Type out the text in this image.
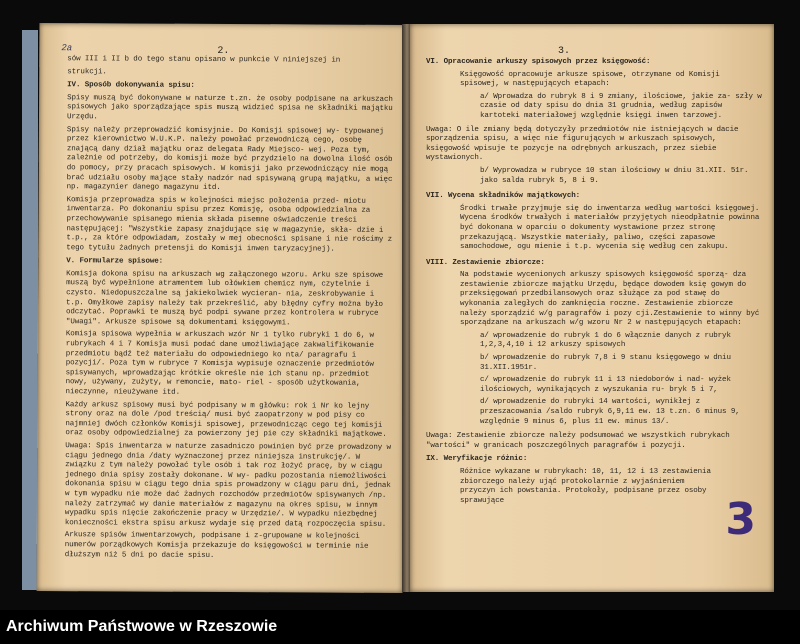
2a	2.

sów III i II b do tego stanu opisano w punkcie V niniejszej in

strukcji.

IV. Sposób dokonywania spisu:

Spisy muszą być dokonywane w naturze t.zn. że osoby podpisane na arkuszach spisowych jako sporządzające spis muszą widzieć spisa ne składniki majątku Urzędu.
Spisy należy przeprowadzić komisyjnie. Do Komisji spisowej wy- typowanej przez kierownictwo W.U.K.P. należy powołać przewodniczą cego, osobę znającą dany dział majątku oraz delegata Rady Miejsco- wej. Poza tym, zależnie od potrzeby, do komisji może być przydzielo na dowolna ilość osób do pomocy, przy pracach spisowych. W komisji jako przewodniczący nie mogą brać udziału osoby mające stały nadzór nad spisywaną grupą majątku, a więc np. magazynier danego magazynu itd.
Komisja przeprowadza spis w kolejności miejsc położenia przed- miotu inwentarza. Po dokonaniu spisu przez Komisję, osoba odpowiedzialna za przechowywanie spisanego mienia składa pisemne oświadczenie treści następującej: "Wszystkie zapasy znajdujące się w magazynie, skła- dzie i t.p., za które odpowiadam, zostały w mej obecności spisane i nie rościmy z tego tytułu żadnych pretensji do Komisji inwen taryzacyjnej).

V. Formularze spisowe:

Komisja dokona spisu na arkuszach wg załączonego wzoru. Arku sze spisowe muszą być wypełnione atramentem lub ołówkiem chemicz nym, czytelnie i czysto. Niedopuszczalne są jakiekolwiek wycieran- nia, zeskrobywanie i t.p. Omyłkowe zapisy należy tak przekreślić, aby błędny cyfry można było odczytać. Poprawki te muszą być podpi sywane przez kontrolera w rubryce "Uwagi". Arkusze spisowe są dokumentami księgowymi.
Komisja spisowa wypełnia w arkuszach wzór Nr 1 tylko rubryki 1 do 6, w rubrykach 4 i 7 Komisja musi podać dane umożliwiające zakwalifikowanie przedmiotu bądź też materiału do odpowiedniego ko nta/ paragrafu i pozycji/. Poza tym w rubryce 7 Komisja wypisuje oznaczenie przedmiotów spisywanych, wprowadzając krótkie określe nie ich stanu np. przedmiot nowy, używany, zużyty, w remoncie, mato- riel - sposób użytkowania, nieczynne, nieużywane itd.
Każdy arkusz spisowy musi być podpisany w m główku: rok i Nr ko lejny strony oraz na dole /pod treścią/ musi być zaopatrzony w pod pisy co najmniej dwóch członków Komisji spisowej, przewodnicząc cego tej komisji oraz osoby odpowiedzialnej za powierzony jej pie czy składniki majątkowe.
Uwaga: Spis inwentarza w naturze zasadniczo powinien być prze prowadzony w ciągu jednego dnia /daty wyznaczonej przez niniejsza instrukcję/. W związku z tym należy powołać tyle osób i tak roz łożyć pracę, by w ciągu jednego dnia spisy zostały dokonane. W wy- padku pozostania niemożliwości dokonania spisu w ciągu tego dnia spis prowadzony w ciągu paru dni, jednak w tym wypadku nie może dać żadnych rozchodów przedmiotów spisywanych /np. należy zatrzymać wy danie materiałów z magazynu na okres spisu, w innym wypadku spis nięcie zakończenie pracy w Urzędzie/. W wypadku niezbędnej konieczności ekstra spisu arkusz wydaje się przed datą rozpoczęcia spisu.
Arkusze spisów inwentarzowych, podpisane i z-grupowane w kolejności numerów porządkowych Komisja przekazuje do księgowości w terminie nie dłuższym niż 5 dni po dacie spisu.
3.

VI. Opracowanie arkuszy spisowych przez księgowość:

Księgowość opracowuje arkusze spisowe, otrzymane od Komisji spisowej, w następujących etapach:
a/ Wprowadza do rubryk 8 i 9 zmiany, ilościowe, jakie za- szły w czasie od daty spisu do dnia 31 grudnia, według zapisów kartoteki materiałowej względnie księgi inwen tarzowej.

Uwaga: O ile zmiany będą dotyczyły przedmiotów nie istniejących w dacie sporządzenia spisu, a więc nie figurujących w arkuszach spisowych, księgowość wpisuje te pozycje na odrębnych arkuszach, przez siebie wystawionych.

b/ Wyprowadza w rubryce 10 stan ilościowy w dniu 31.XII. 51r. jako salda rubryk 5, 8 i 9.

VII. Wycena składników majątkowych:

Środki trwałe przyjmuje się do inwentarza według wartości księgowej. Wycena środków trwałych i materiałów przyjętych nieodpłatnie powinna być dokonana w oparciu o dokumenty wystawione przez stronę przekazującą. Wszystkie materiały, paliwo, części zapasowe samochodowe, ogu mienie i t.p. wycenia się według cen zakupu.

VIII. Zestawienie zbiorcze:

Na podstawie wycenionych arkuszy spisowych księgowość sporzą- dza zestawienie zbiorcze majątku Urzędu, będące dowodem księ gowym do przeksięgowań przedbilansowych oraz służące za pod stawę do wykonania zaległych do zamknięcia roczne. Zestawienie zbiorcze należy sporządzić w/g paragrafów i pozy cji.Zestawienie to winny być sporządzane na arkuszach w/g wzoru Nr 2 w następujących etapach:
a/ wprowadzenie do rubryk 1 do 6 włącznie danych z rubryk 1,2,3,4,10 i 12 arkuszy spisowych
b/ wprowadzenie do rubryk 7,8 i 9 stanu księgowego w dniu 31.XII.1951r.
c/ wprowadzenie do rubryk 11 i 13 niedoborów i nad- wyżek ilościowych, wynikających z wyszukania ru- bryk 5 i 7,
d/ wprowadzenie do rubryki 14 wartości, wynikłej z przeszacowania /saldo rubryk 6,9,11 ew. 13 t.zn. 6 minus 9, względnie 9 minus 6, plus 11 ew. minus 13/.

Uwaga: Zestawienie zbiorcze należy podsumować we wszystkich rubrykach "wartości" w granicach poszczególnych paragrafów i pozycji.

IX. Weryfikacje różnic:

Różnice wykazane w rubrykach: 10, 11, 12 i 13 zestawienia zbiorczego należy ująć protokolarnie z wyjaśnieniem przyczyn ich powstania. Protokoły, podpisane przez osoby sprawujące	3
Archiwum Państwowe w Rzeszowie
